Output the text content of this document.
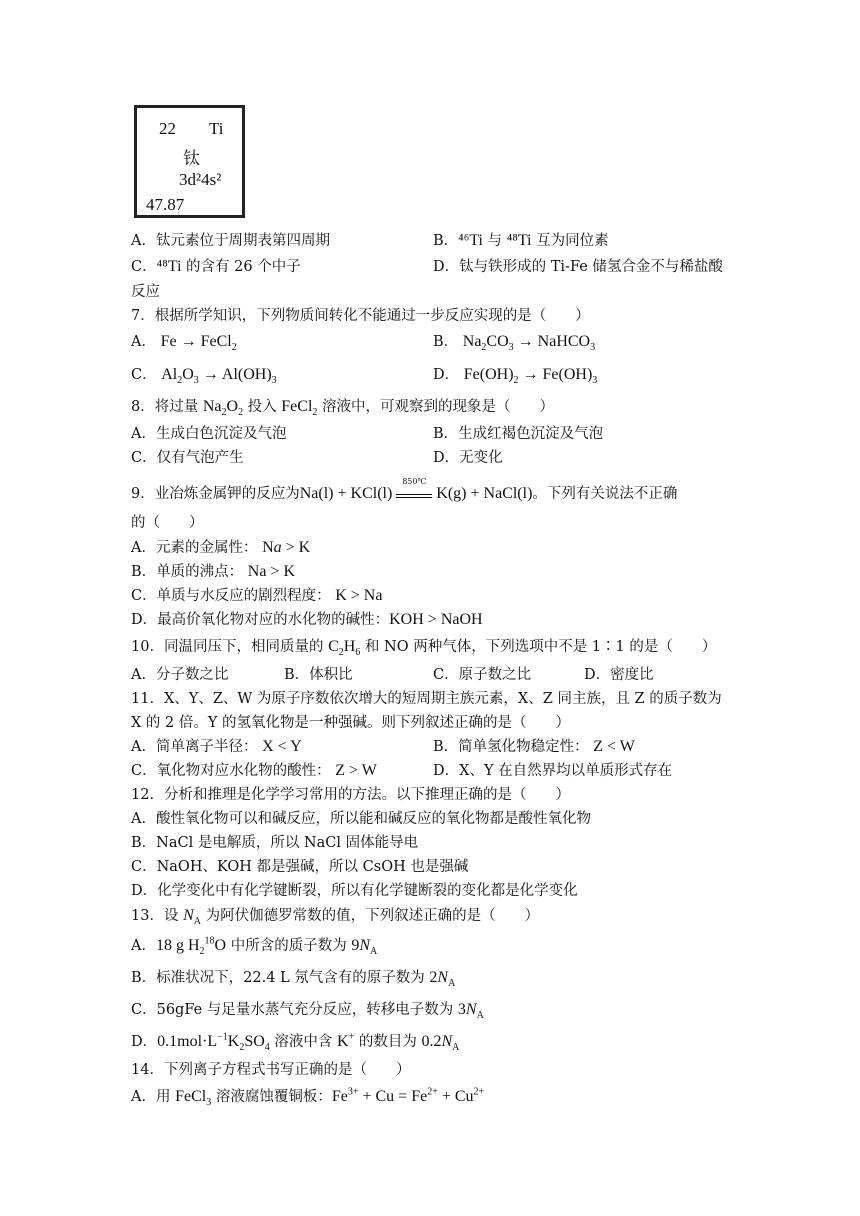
22 Ti
钛
3d²4s²
47.87
A．钛元素位于周期表第四周期	B．⁴⁶Ti 与 ⁴⁸Ti 互为同位素
C．⁴⁸Ti 的含有 26 个中子	D．钛与铁形成的 Ti-Fe 储氢合金不与稀盐酸
反应
7．根据所学知识，下列物质间转化不能通过一步反应实现的是（　　）
A． Fe → FeCl$_2$	B． $Na_2CO_3$ → NaHCO$_3$
C． $Al_2O_3 \to Al(OH)_3$	D． $Fe(OH)_2 \to Fe(OH)_3$
8．将过量 $Na_2O_2$ 投入 FeCl$_2$ 溶液中，可观察到的现象是（　　）
A．生成白色沉淀及气泡	B．生成红褐色沉淀及气泡
C．仅有气泡产生	D．无变化
9．业冶炼金属钾的反应为Na(l) + KCl(l)
850℃
K(g) + NaCl(l)。下列有关说法不正确
的（　　）
A．元素的金属性： Na > K
B．单质的沸点： Na > K
C．单质与水反应的剧烈程度： K > Na
D．最高价氧化物对应的水化物的碱性：KOH > NaOH
10．同温同压下，相同质量的 $C_2H_6$ 和 NO 两种气体，下列选项中不是 1∶1 的是（　　）
A．分子数之比	B．体积比	C．原子数之比	D．密度比
11．X、Y、Z、W 为原子序数依次增大的短周期主族元素，X、Z 同主族，且 Z 的质子数为
X 的 2 倍。Y 的氢氧化物是一种强碱。则下列叙述正确的是（　　）
A．简单离子半径： X < Y	B．简单氢化物稳定性： Z < W
C．氧化物对应水化物的酸性： Z > W	D．X、Y 在自然界均以单质形式存在
12．分析和推理是化学学习常用的方法。以下推理正确的是（　　）
A．酸性氧化物可以和碱反应，所以能和碱反应的氧化物都是酸性氧化物
B．NaCl 是电解质，所以 NaCl 固体能导电
C．NaOH、KOH 都是强碱，所以 CsOH 也是强碱
D．化学变化中有化学键断裂，所以有化学键断裂的变化都是化学变化
13．设 $N_A$ 为阿伏伽德罗常数的值，下列叙述正确的是（　　）
A．18 g $H_2^{18}O$ 中所含的质子数为 $9N_A$
B．标准状况下，22.4 L 氖气含有的原子数为 $2N_A$
C．56gFe 与足量水蒸气充分反应，转移电子数为 $3N_A$
D．$0.1mol\cdot L^{-1}K_2SO_4$ 溶液中含 K+ 的数目为 $0.2N_A$
14．下列离子方程式书写正确的是（　　）
A．用 FeCl$_3$ 溶液腐蚀覆铜板：$Fe^{3+} + Cu = Fe^{2+} + Cu^{2+}$
